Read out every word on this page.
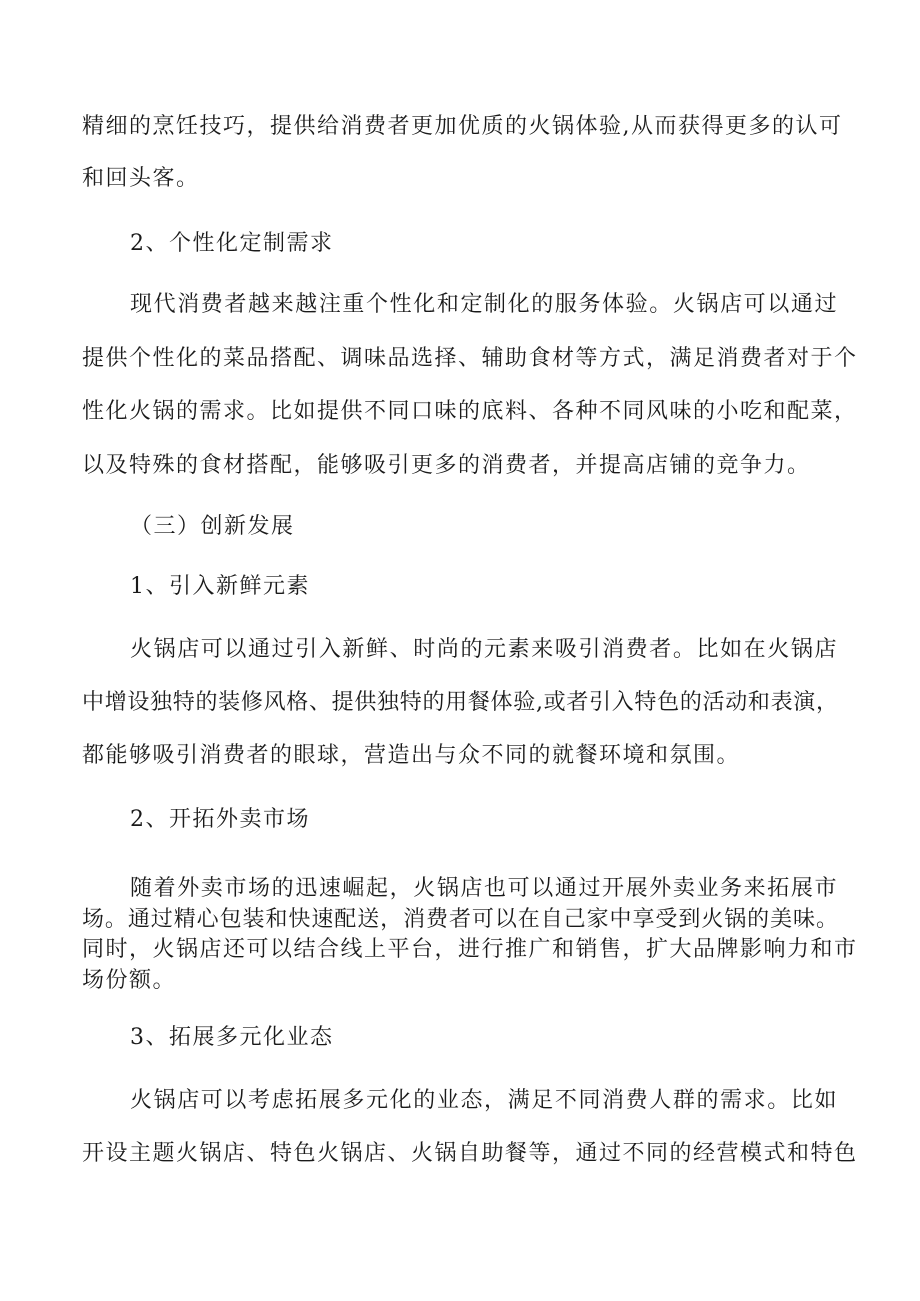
精细的烹饪技巧，提供给消费者更加优质的火锅体验,从而获得更多的认可
和回头客。
2、个性化定制需求
现代消费者越来越注重个性化和定制化的服务体验。火锅店可以通过
提供个性化的菜品搭配、调味品选择、辅助食材等方式，满足消费者对于个
性化火锅的需求。比如提供不同口味的底料、各种不同风味的小吃和配菜，
以及特殊的食材搭配，能够吸引更多的消费者，并提高店铺的竞争力。
（三）创新发展
1、引入新鲜元素
火锅店可以通过引入新鲜、时尚的元素来吸引消费者。比如在火锅店
中增设独特的装修风格、提供独特的用餐体验,或者引入特色的活动和表演，
都能够吸引消费者的眼球，营造出与众不同的就餐环境和氛围。
2、开拓外卖市场
随着外卖市场的迅速崛起，火锅店也可以通过开展外卖业务来拓展市
场。通过精心包装和快速配送，消费者可以在自己家中享受到火锅的美味。
同时，火锅店还可以结合线上平台，进行推广和销售，扩大品牌影响力和市
场份额。
3、拓展多元化业态
火锅店可以考虑拓展多元化的业态，满足不同消费人群的需求。比如
开设主题火锅店、特色火锅店、火锅自助餐等，通过不同的经营模式和特色
